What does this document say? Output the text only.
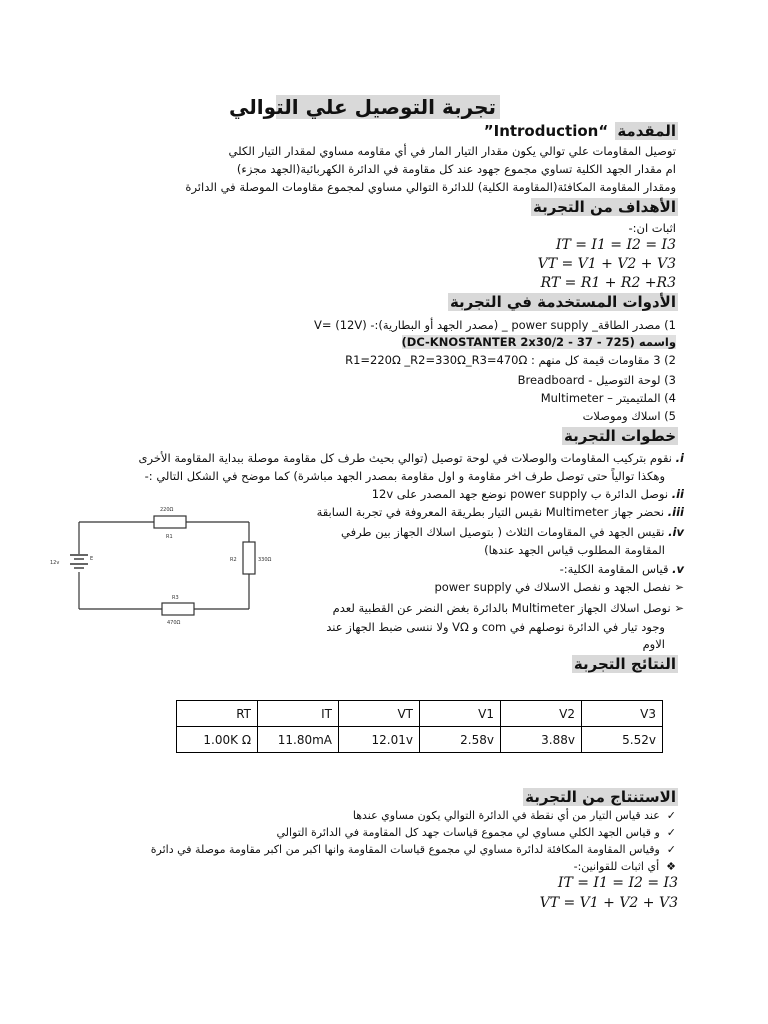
تجربة التوصيل علي التوالي
المقدمة “Introduction”
توصيل المقاومات علي توالي يكون مقدار التيار المار في أي مقاومه مساوي لمقدار التيار الكلي
ام مقدار الجهد الكلية تساوي مجموع جهود عند كل مقاومة في الدائرة الكهربائية(الجهد مجزء)
ومقدار المقاومة المكافئة(المقاومة الكلية) للدائرة التوالي مساوي لمجموع مقاومات الموصلة في الدائرة
الأهداف من التجربة
اثبات ان:-
IT = I1 = I2 = I3
VT = V1 + V2 + V3
RT = R1 + R2 +R3
الأدوات المستخدمة في التجربة
1) مصدر الطاقة_ power supply _ (مصدر الجهد أو البطارية):- V= (12V)
واسمه (725 - 37 - DC-KNOSTANTER 2x30/2)
2) 3 مقاومات قيمة كل منهم : R1=220Ω _R2=330Ω_R3=470Ω
3) لوحة التوصيل - Breadboard
4) الملتيميتر – Multimeter
5) اسلاك وموصلات
خطوات التجربة
i. نقوم بتركيب المقاومات والوصلات في لوحة توصيل (توالي بحيث طرف كل مقاومة موصلة ببداية المقاومة الأخرى
وهكذا توالياً حتى توصل طرف اخر مقاومة و اول مقاومة بمصدر الجهد مباشرة) كما موضح في الشكل التالي :-
ii. نوصل الدائرة ب power supply نوضع جهد المصدر على 12v
iii. نحضر جهاز Multimeter نقيس التيار بطريقة المعروفة في تجربة السابقة
iv. نقيس الجهد في المقاومات الثلاث ( بتوصيل اسلاك الجهاز بين طرفي
المقاومة المطلوب قياس الجهد عندها)
v. قياس المقاومة الكلية:-
➢ نفصل الجهد و نفصل الاسلاك في power supply
➢ نوصل اسلاك الجهاز Multimeter بالدائرة بغض النضر عن القطبية لعدم
وجود تيار في الدائرة نوصلهم في com و VΩ ولا ننسى ضبط الجهاز عند
الاوم
220Ω
R1
R2	330Ω
R3
470Ω
12v
E
النتائج التجربة
RT	IT	VT	V1	V2	V3
1.00K Ω	11.80mA	12.01v	2.58v	3.88v	5.52v
الاستنتاج من التجربة
✓  عند قياس التيار من أي نقطة في الدائرة التوالي يكون مساوي عندها
✓  و قياس الجهد الكلي مساوي لي مجموع قياسات جهد كل المقاومة في الدائرة التوالي
✓  وقياس المقاومة المكافئة لدائرة مساوي لي مجموع قياسات المقاومة وانها اكبر من اكبر مقاومة موصلة في دائرة
❖  أي اثبات للقوانين:-
IT = I1 = I2 = I3
VT = V1 + V2 + V3
